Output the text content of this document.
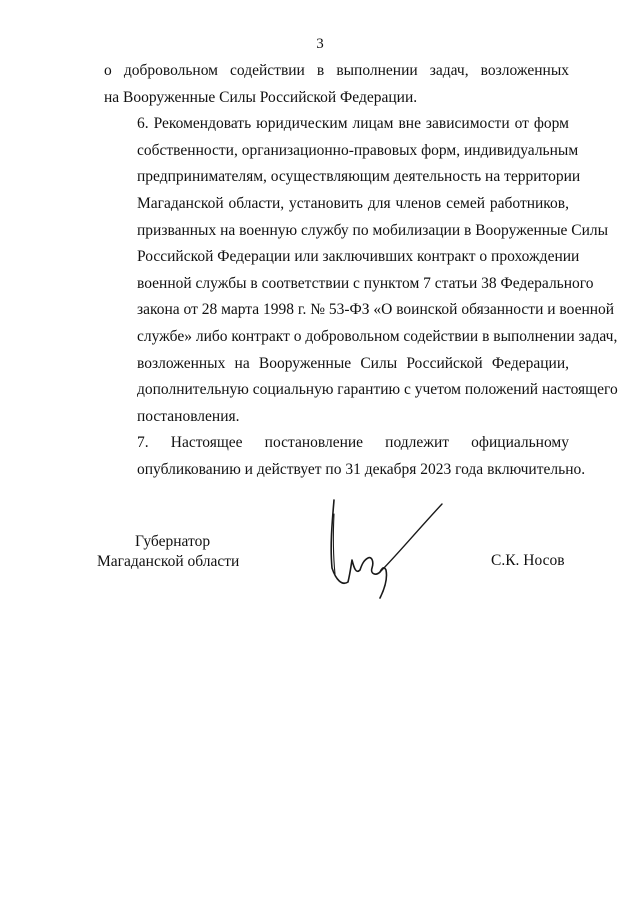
3

о добровольном содействии в выполнении задач, возложенных
на Вооруженные Силы Российской Федерации.

6. Рекомендовать юридическим лицам вне зависимости от форм
собственности, организационно-правовых форм, индивидуальным
предпринимателям, осуществляющим деятельность на территории
Магаданской области, установить для членов семей работников,
призванных на военную службу по мобилизации в Вооруженные Силы
Российской Федерации или заключивших контракт о прохождении
военной службы в соответствии с пунктом 7 статьи 38 Федерального
закона от 28 марта 1998 г. № 53-ФЗ «О воинской обязанности и военной
службе» либо контракт о добровольном содействии в выполнении задач,
возложенных на Вооруженные Силы Российской Федерации,
дополнительную социальную гарантию с учетом положений настоящего
постановления.

7. Настоящее постановление подлежит официальному
опубликованию и действует по 31 декабря 2023 года включительно.

Губернатор
Магаданской области	С.К. Носов
